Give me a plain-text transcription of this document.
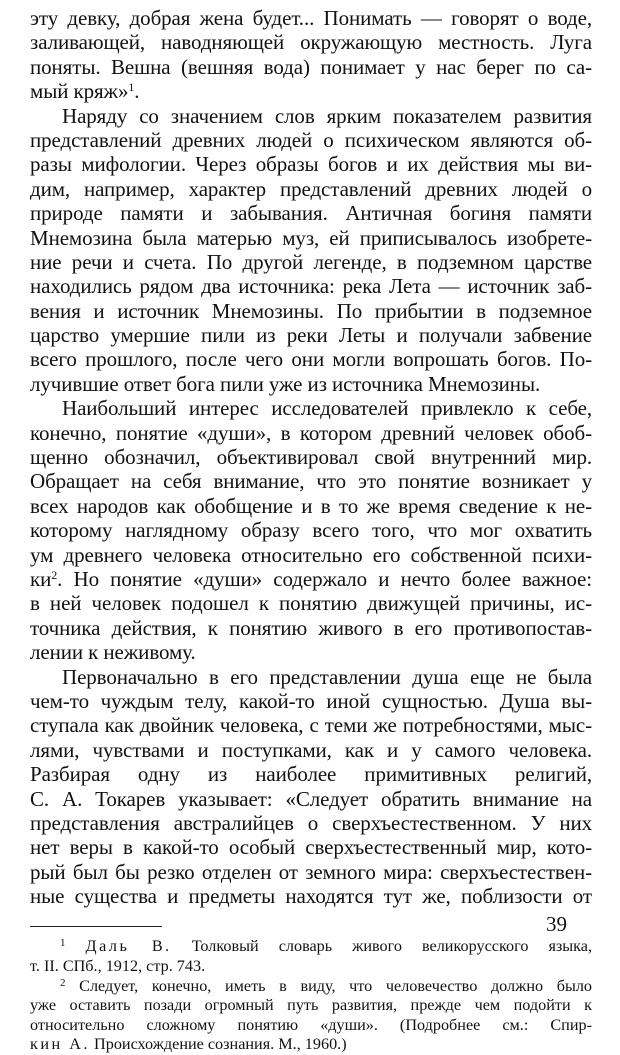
эту девку, добрая жена будет... Понимать — говорят о воде,
заливающей, наводняющей окружающую местность. Луга
поняты. Вешна (вешняя вода) понимает у нас берег по са-
мый кряж»$^1$.
Наряду со значением слов ярким показателем развития
представлений древних людей о психическом являются об-
разы мифологии. Через образы богов и их действия мы ви-
дим, например, характер представлений древних людей о
природе памяти и забывания. Античная богиня памяти
Мнемозина была матерью муз, ей приписывалось изобрете-
ние речи и счета. По другой легенде, в подземном царстве
находились рядом два источника: река Лета — источник заб-
вения и источник Мнемозины. По прибытии в подземное
царство умершие пили из реки Леты и получали забвение
всего прошлого, после чего они могли вопрошать богов. По-
лучившие ответ бога пили уже из источника Мнемозины.
Наибольший интерес исследователей привлекло к себе,
конечно, понятие «души», в котором древний человек обоб-
щенно обозначил, объективировал свой внутренний мир.
Обращает на себя внимание, что это понятие возникает у
всех народов как обобщение и в то же время сведение к не-
которому наглядному образу всего того, что мог охватить
ум древнего человека относительно его собственной психи-
$ки^2$. Но понятие «души» содержало и нечто более важное:
в ней человек подошел к понятию движущей причины, ис-
точника действия, к понятию живого в его противопостав-
лении к неживому.
Первоначально в его представлении душа еще не была
чем-то чуждым телу, какой-то иной сущностью. Душа вы-
ступала как двойник человека, с теми же потребностями, мыс-
лями, чувствами и поступками, как и у самого человека.
Разбирая одну из наиболее примитивных религий,
С. А. Токарев указывает: «Следует обратить внимание на
представления австралийцев о сверхъестественном. У них
нет веры в какой-то особый сверхъестественный мир, кото-
рый был бы резко отделен от земного мира: сверхъестествен-
ные существа и предметы находятся тут же, поблизости от
$^1$ Даль В. Толковый словарь живого великорусского языка,
т. II. СПб., 1912, стр. 743.
$^2$ Следует, конечно, иметь в виду, что человечество должно было
уже оставить позади огромный путь развития, прежде чем подойти к
относительно сложному понятию «души». (Подробнее см.: Спир-
кин А. Происхождение сознания. М., 1960.)
39
